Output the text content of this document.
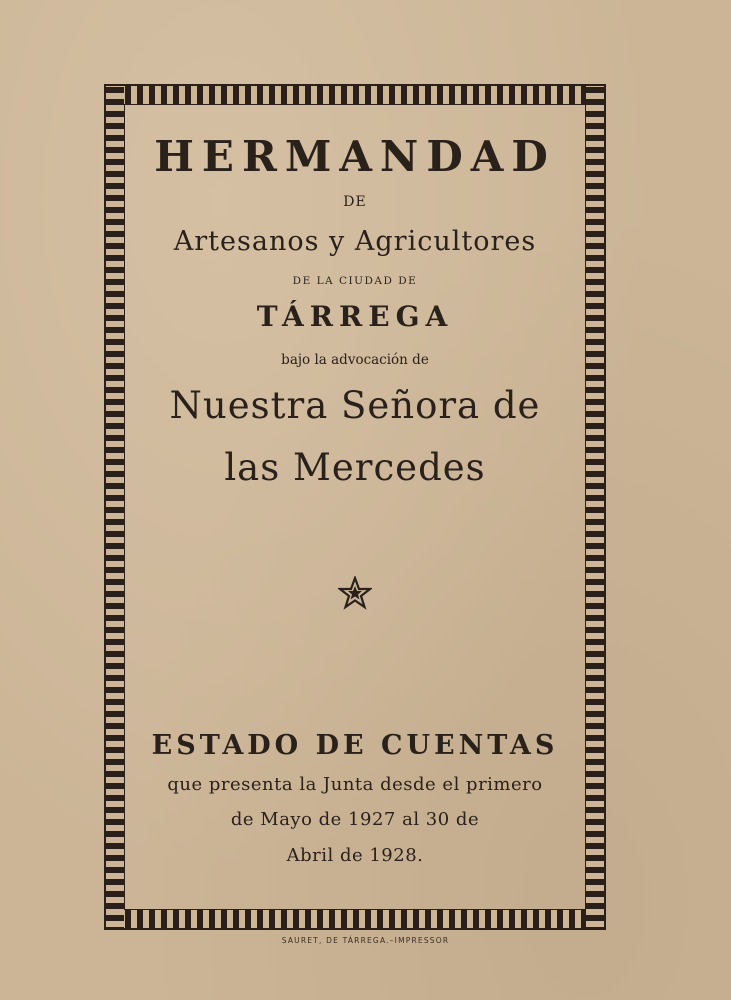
HERMANDAD
DE
Artesanos y Agricultores
DE LA CIUDAD DE
TÁRREGA
bajo la advocación de
Nuestra Señora de
las Mercedes
ESTADO DE CUENTAS
que presenta la Junta desde el primero
de Mayo de 1927 al 30 de
Abril de 1928.
SAURET, DE TÁRREGA.–IMPRESSOR
